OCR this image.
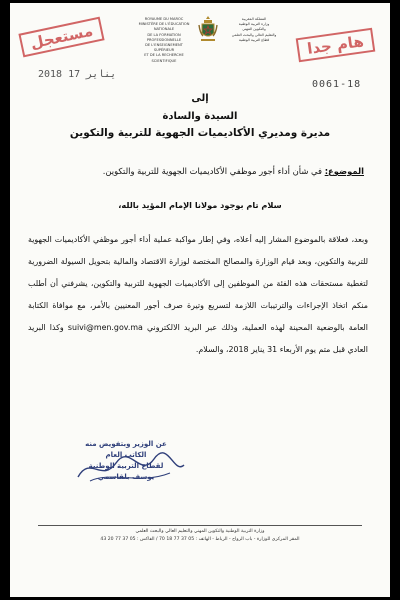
مستعجل	هام جدا
ROYAUME DU MAROC
MINISTÈRE DE L'ÉDUCATION NATIONALE
DE LA FORMATION PROFESSIONNELLE
DE L'ENSEIGNEMENT SUPÉRIEUR
ET DE LA RECHERCHE SCIENTIFIQUE
المملكة المغربية
وزارة التربية الوطنية
والتكوين المهني
والتعليم العالي والبحث العلمي
قطاع التربية الوطنية
2018 يناير 17
0061-18
إلى
السيدة والسادة
مديرة ومديري الأكاديميات الجهوية للتربية والتكوين
الموضوع: في شأن أداء أجور موظفي الأكاديميات الجهوية للتربية والتكوين.
سلام تام بوجود مولانا الإمام المؤيد بالله،
وبعد، فعلاقة بالموضوع المشار إليه أعلاه، وفي إطار مواكبة عملية أداء أجور موظفي الأكاديميات الجهوية للتربية والتكوين، وبعد قيام الوزارة والمصالح المختصة لوزارة الاقتصاد والمالية بتحويل السيولة الضرورية لتغطية مستحقات هذه الفئة من الموظفين إلى الأكاديميات الجهوية للتربية والتكوين، يشرفني أن أطلب منكم اتخاذ الإجراءات والترتيبات اللازمة لتسريع وتيرة صرف أجور المعنيين بالأمر، مع موافاة الكتابة العامة بالوضعية المحينة لهذه العملية، وذلك عبر البريد الالكتروني suivi@men.gov.ma وكذا البريد العادي قبل متم يوم الأربعاء 31 يناير 2018، والسلام.
عن الوزير وبتفويض منه
الكاتب العام
لقطاع التربية الوطنية
يوسف بلقاسمي
وزارة التربية الوطنية والتكوين المهني والتعليم العالي والبحث العلمي
المقر المركزي للوزارة - باب الرواح - الرباط - الهاتف : 05 37 77 18 70 / الفاكس : 05 37 77 20 43
